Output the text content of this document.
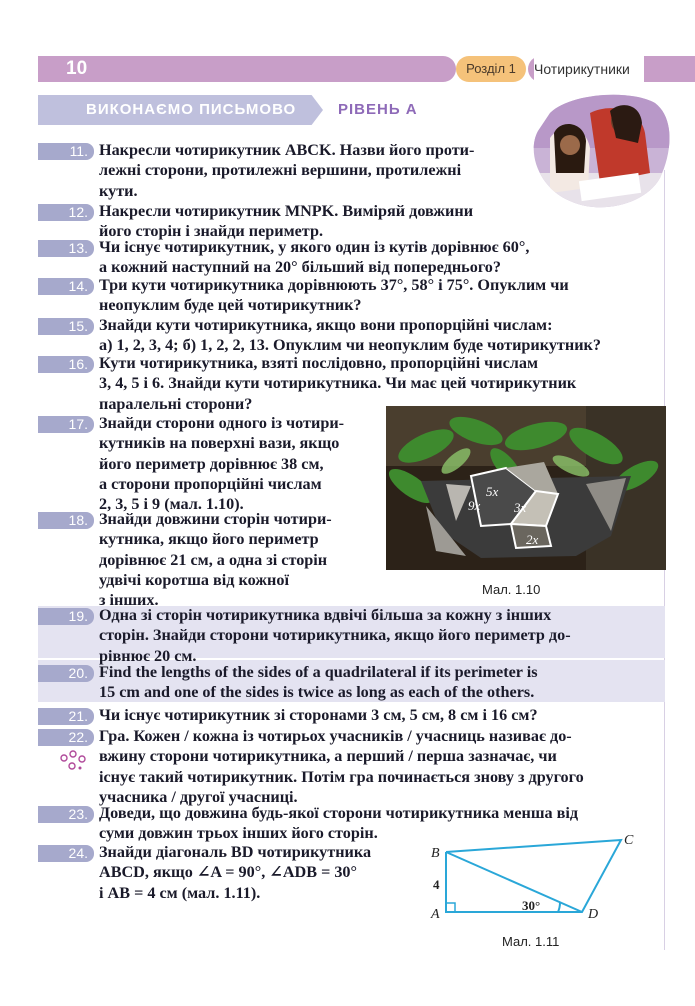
10	Розділ 1	Чотирикутники
ВИКОНАЄМО ПИСЬМОВО	РІВЕНЬ А
11. Накресли чотирикутник ABCK. Назви його проти-
лежні сторони, протилежні вершини, протилежні
кути.
12. Накресли чотирикутник MNPK. Виміряй довжини
його сторін і знайди периметр.
13. Чи існує чотирикутник, у якого один із кутів дорівнює 60°,
а кожний наступний на 20° більший від попереднього?
14. Три кути чотирикутника дорівнюють 37°, 58° і 75°. Опуклим чи
неопуклим буде цей чотирикутник?
15. Знайди кути чотирикутника, якщо вони пропорційні числам:
а) 1, 2, 3, 4; б) 1, 2, 2, 13. Опуклим чи неопуклим буде чотирикутник?
16. Кути чотирикутника, взяті послідовно, пропорційні числам
3, 4, 5 і 6. Знайди кути чотирикутника. Чи має цей чотирикутник
паралельні сторони?
17. Знайди сторони одного із чотири-
кутників на поверхні вази, якщо
його периметр дорівнює 38 см,
а сторони пропорційні числам
2, 3, 5 і 9 (мал. 1.10).
18. Знайди довжини сторін чотири-
кутника, якщо його периметр
дорівнює 21 см, а одна зі сторін
удвічі коротша від кожної
з інших.
5x
9x	3x
2x
Мал. 1.10
19. Одна зі сторін чотирикутника вдвічі більша за кожну з інших
сторін. Знайди сторони чотирикутника, якщо його периметр до-
рівнює 20 см.
20. Find the lengths of the sides of a quadrilateral if its perimeter is
15 cm and one of the sides is twice as long as each of the others.
21. Чи існує чотирикутник зі сторонами 3 см, 5 см, 8 см і 16 см?
22. Гра. Кожен / кожна із чотирьох учасників / учасниць називає до-
вжину сторони чотирикутника, а перший / перша зазначає, чи
існує такий чотирикутник. Потім гра починається знову з другого
учасника / другої учасниці.
23. Доведи, що довжина будь-якої сторони чотирикутника менша від
суми довжин трьох інших його сторін.
24. Знайди діагональ BD чотирикутника
ABCD, якщо ∠A = 90°, ∠ADB = 30°
і AB = 4 см (мал. 1.11).
B
C
A	D
4
30°
Мал. 1.11
